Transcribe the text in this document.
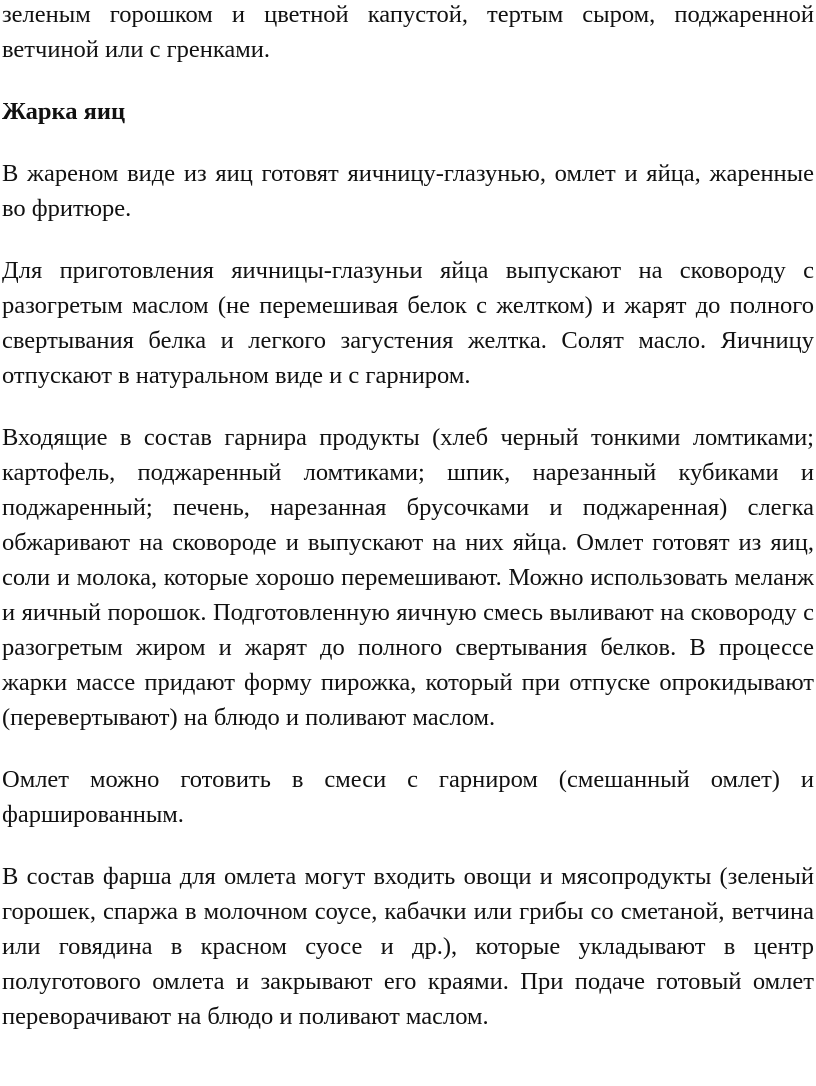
зеленым горошком и цветной капустой, тертым сыром, поджаренной ветчиной или с гренками.

Жарка яиц

В жареном виде из яиц готовят яичницу-глазунью, омлет и яйца, жаренные во фритюре.

Для приготовления яичницы-глазуньи яйца выпускают на сковороду с разогретым маслом (не перемешивая белок с желтком) и жарят до полного свертывания белка и легкого загустения желтка. Солят масло. Яичницу отпускают в натуральном виде и с гарниром.

Входящие в состав гарнира продукты (хлеб черный тонкими ломтиками; картофель, поджаренный ломтиками; шпик, нарезанный кубиками и поджаренный; печень, нарезанная брусочками и поджаренная) слегка обжаривают на сковороде и выпускают на них яйца. Омлет готовят из яиц, соли и молока, которые хорошо перемешивают. Можно использовать меланж и яичный порошок. Подготовленную яичную смесь выливают на сковороду с разогретым жиром и жарят до полного свертывания белков. В процессе жарки массе придают форму пирожка, который при отпуске опрокидывают (перевертывают) на блюдо и поливают маслом.

Омлет можно готовить в смеси с гарниром (смешанный омлет) и фаршированным.

В состав фарша для омлета могут входить овощи и мясопродукты (зеленый горошек, спаржа в молочном соусе, кабачки или грибы со сметаной, ветчина или говядина в красном суосе и др.), которые укладывают в центр полуготового омлета и закрывают его краями. При подаче готовый омлет переворачивают на блюдо и поливают маслом.
